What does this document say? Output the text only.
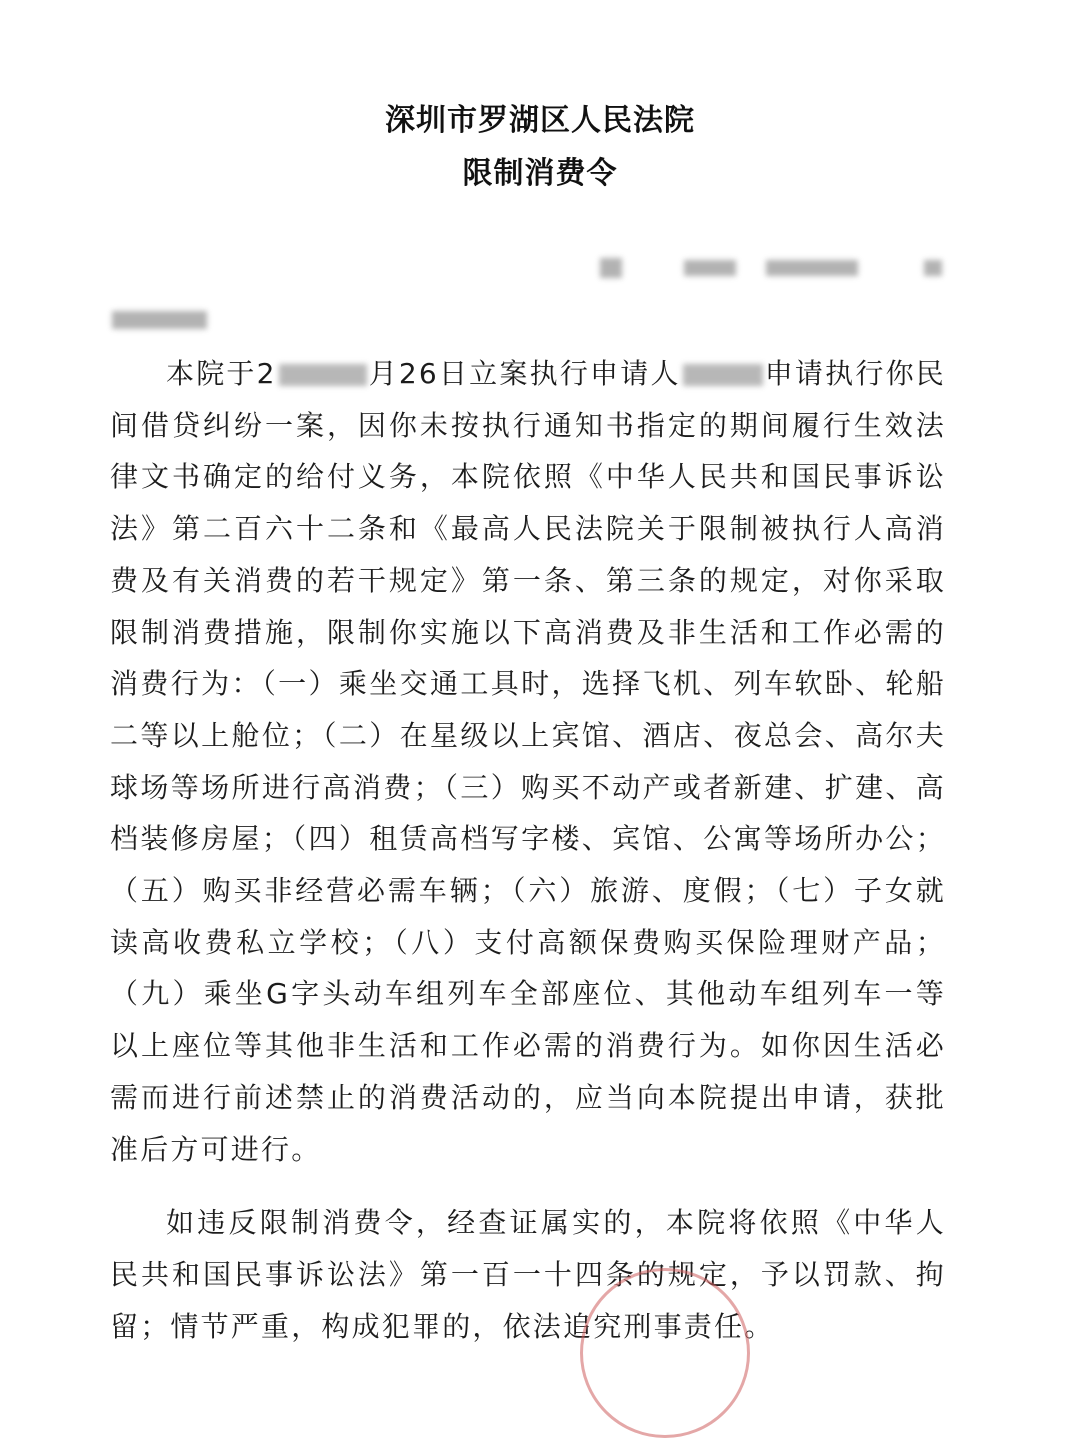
深圳市罗湖区人民法院
限制消费令

本院于2	月26日立案执行申请人	申请执行你民间借贷纠纷一案，因你未按执行通知书指定的期间履行生效法律文书确定的给付义务，本院依照《中华人民共和国民事诉讼法》第二百六十二条和《最高人民法院关于限制被执行人高消费及有关消费的若干规定》第一条、第三条的规定，对你采取限制消费措施，限制你实施以下高消费及非生活和工作必需的消费行为：（一）乘坐交通工具时，选择飞机、列车软卧、轮船二等以上舱位；（二）在星级以上宾馆、酒店、夜总会、高尔夫球场等场所进行高消费；（三）购买不动产或者新建、扩建、高档装修房屋；（四）租赁高档写字楼、宾馆、公寓等场所办公；（五）购买非经营必需车辆；（六）旅游、度假；（七）子女就读高收费私立学校；（八）支付高额保费购买保险理财产品；（九）乘坐G字头动车组列车全部座位、其他动车组列车一等以上座位等其他非生活和工作必需的消费行为。如你因生活必需而进行前述禁止的消费活动的，应当向本院提出申请，获批准后方可进行。

如违反限制消费令，经查证属实的，本院将依照《中华人民共和国民事诉讼法》第一百一十四条的规定，予以罚款、拘留；情节严重，构成犯罪的，依法追究刑事责任。
